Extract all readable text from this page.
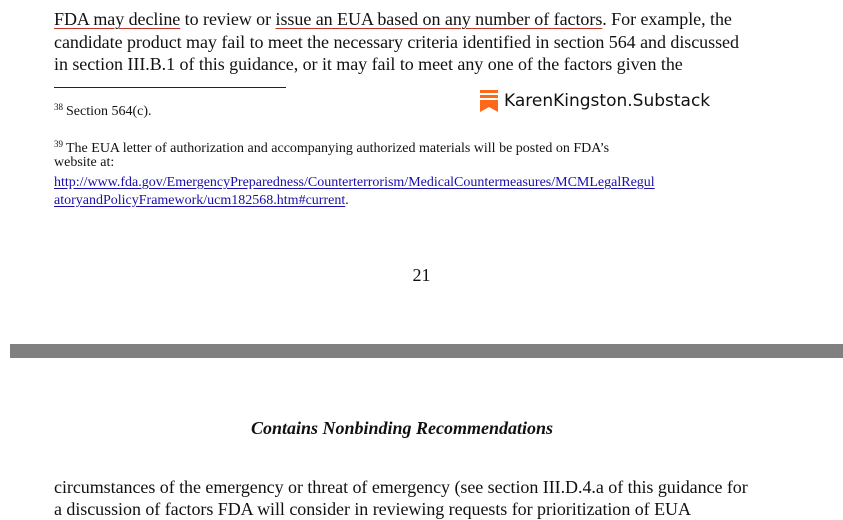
FDA may decline to review or issue an EUA based on any number of factors. For example, the
candidate product may fail to meet the necessary criteria identified in section 564 and discussed
in section III.B.1 of this guidance, or it may fail to meet any one of the factors given the
$^{38}$ Section 564(c).
KarenKingston.Substack
$^{39}$ The EUA letter of authorization and accompanying authorized materials will be posted on FDA’s
website at:
http://www.fda.gov/EmergencyPreparedness/Counterterrorism/MedicalCountermeasures/MCMLegalRegul
atoryandPolicyFramework/ucm182568.htm#current.
21
Contains Nonbinding Recommendations
circumstances of the emergency or threat of emergency (see section III.D.4.a of this guidance for
a discussion of factors FDA will consider in reviewing requests for prioritization of EUA
